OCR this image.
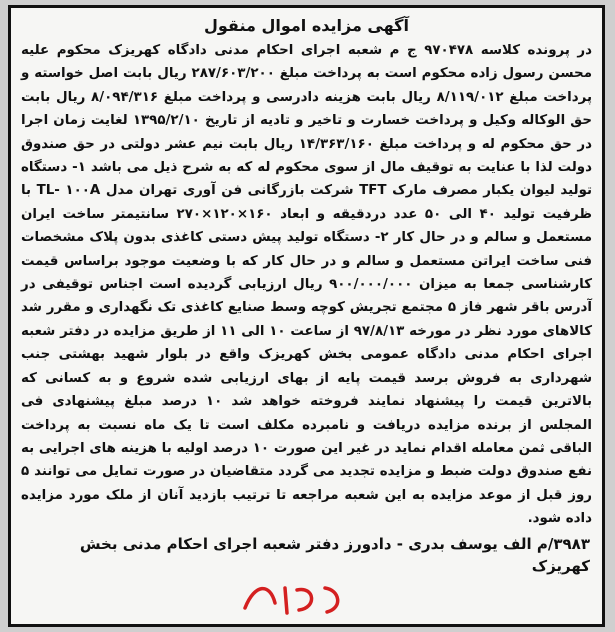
آگهی مزایده اموال منقول

در پرونده کلاسه ۹۷۰۴۷۸ ج م شعبه اجرای احکام مدنی دادگاه کهریزک محکوم علیه محسن رسول زاده محکوم است به پرداخت مبلغ ۲۸۷/۶۰۳/۲۰۰ ریال بابت اصل خواسته و پرداخت مبلغ ۸/۱۱۹/۰۱۲ ریال بابت هزینه دادرسی و پرداخت مبلغ ۸/۰۹۴/۳۱۶ ریال بابت حق الوکاله وکیل و پرداخت خسارت و تاخیر و تادیه از تاریخ ۱۳۹۵/۲/۱۰ لغایت زمان اجرا در حق محکوم له و پرداخت مبلغ ۱۴/۳۶۳/۱۶۰ ریال بابت نیم عشر دولتی در حق صندوق دولت لذا با عنایت به توقیف مال از سوی محکوم له که به شرح ذیل می باشد ۱- دستگاه تولید لیوان یکبار مصرف مارک TFT شرکت بازرگانی فن آوری تهران مدل TL- ۱۰۰A با ظرفیت تولید ۴۰ الی ۵۰ عدد دردقیقه و ابعاد ۱۶۰×۱۲۰×۲۷۰ سانتیمتر ساخت ایران مستعمل و سالم و در حال کار ۲- دستگاه تولید پیش دستی کاغذی بدون پلاک مشخصات فنی ساخت ایراتن مستعمل و سالم و در حال کار که با وضعیت موجود براساس قیمت کارشناسی جمعا به میزان ۹۰۰/۰۰۰/۰۰۰ ریال ارزیابی گردیده است اجناس توقیفی در آدرس باقر شهر فاز ۵ مجتمع تجریش کوچه وسط صنایع کاغذی تک نگهداری و مقرر شد کالاهای مورد نظر در مورخه ۹۷/۸/۱۳ از ساعت ۱۰ الی ۱۱ از طریق مزایده در دفتر شعبه اجرای احکام مدنی دادگاه عمومی بخش کهریزک واقع در بلوار شهید بهشتی جنب شهرداری به فروش برسد قیمت پایه از بهای ارزیابی شده شروع و به کسانی که بالاترین قیمت را پیشنهاد نمایند فروخته خواهد شد ۱۰ درصد مبلغ پیشنهادی فی المجلس از برنده مزایده دریافت و نامبرده مکلف است تا یک ماه نسبت به پرداخت الباقی ثمن معامله اقدام نماید در غیر این صورت ۱۰ درصد اولیه با هزینه های اجرایی به نفع صندوق دولت ضبط و مزایده تجدید می گردد متقاضیان در صورت تمایل می توانند ۵ روز قبل از موعد مزایده به این شعبه مراجعه تا ترتیب بازدید آنان از ملک مورد مزایده داده شود.

۳۹۸۳/م الف یوسف بدری - دادورز دفتر شعبه اجرای احکام مدنی بخش کهریزک
